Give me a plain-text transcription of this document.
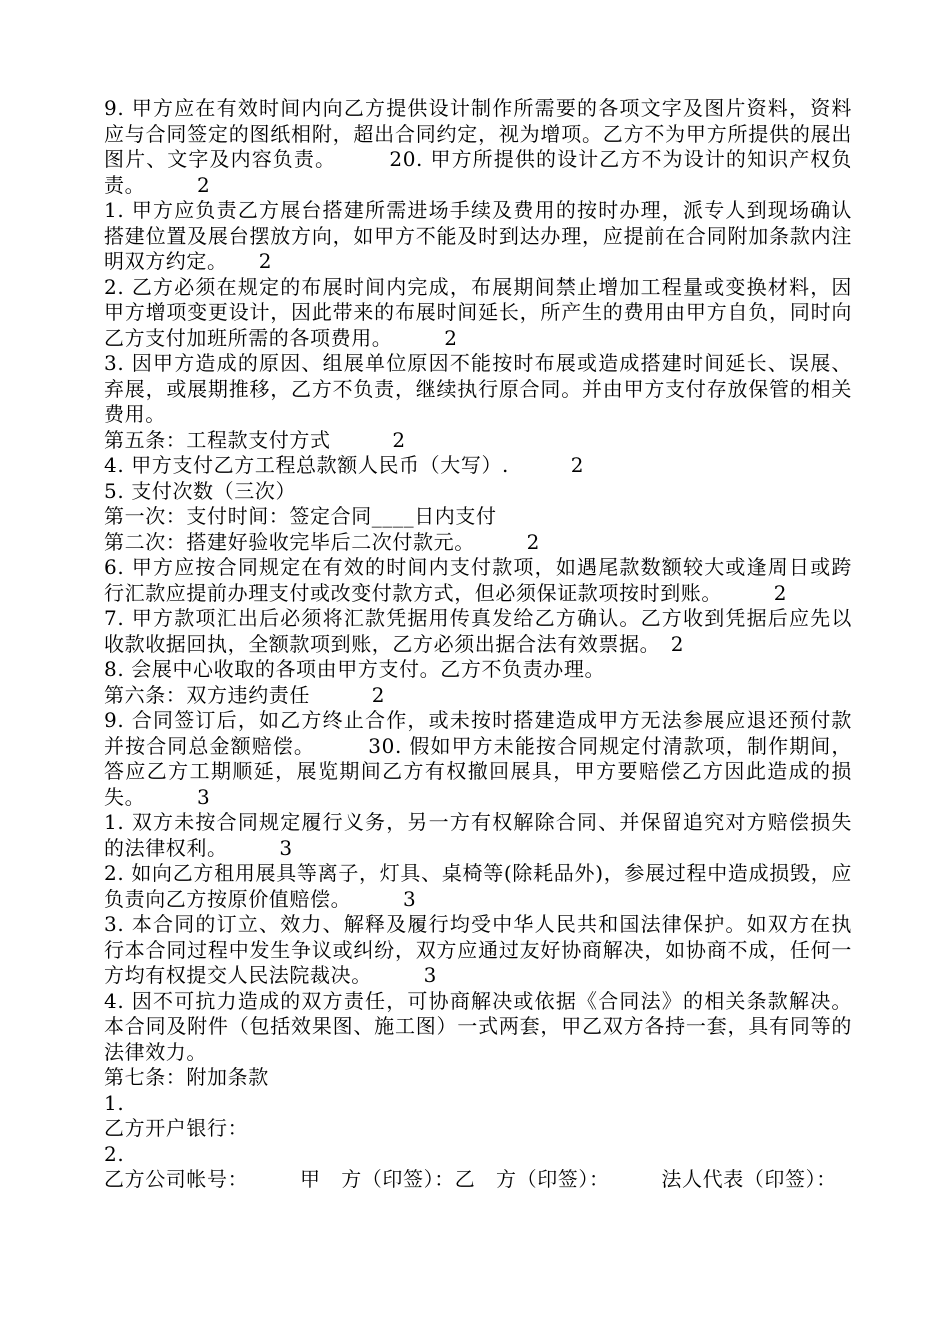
9. 甲方应在有效时间内向乙方提供设计制作所需要的各项文字及图片资料，资料应与合同签定的图纸相附，超出合同约定，视为增项。乙方不为甲方所提供的展出图片、文字及内容负责。　　　20. 甲方所提供的设计乙方不为设计的知识产权负责。　　　2

1. 甲方应负责乙方展台搭建所需进场手续及费用的按时办理，派专人到现场确认搭建位置及展台摆放方向，如甲方不能及时到达办理，应提前在合同附加条款内注明双方约定。　　2

2. 乙方必须在规定的布展时间内完成，布展期间禁止增加工程量或变换材料，因甲方增项变更设计，因此带来的布展时间延长，所产生的费用由甲方自负，同时向乙方支付加班所需的各项费用。　　　2

3. 因甲方造成的原因、组展单位原因不能按时布展或造成搭建时间延长、误展、弃展，或展期推移，乙方不负责，继续执行原合同。并由甲方支付存放保管的相关费用。

第五条：工程款支付方式　　　2

4. 甲方支付乙方工程总款额人民币（大写）.　　　2

5. 支付次数（三次）

第一次：支付时间：签定合同____日内支付

第二次：搭建好验收完毕后二次付款元。　　　2

6. 甲方应按合同规定在有效的时间内支付款项，如遇尾款数额较大或逢周日或跨行汇款应提前办理支付或改变付款方式，但必须保证款项按时到账。　　　2

7. 甲方款项汇出后必须将汇款凭据用传真发给乙方确认。乙方收到凭据后应先以收款收据回执，全额款项到账，乙方必须出据合法有效票据。　2

8. 会展中心收取的各项由甲方支付。乙方不负责办理。

第六条：双方违约责任　　　2

9. 合同签订后，如乙方终止合作，或未按时搭建造成甲方无法参展应退还预付款并按合同总金额赔偿。　　　30. 假如甲方未能按合同规定付清款项，制作期间，答应乙方工期顺延，展览期间乙方有权撤回展具，甲方要赔偿乙方因此造成的损失。　　　3

1. 双方未按合同规定履行义务，另一方有权解除合同、并保留追究对方赔偿损失的法律权利。　　　3

2. 如向乙方租用展具等离子，灯具、桌椅等(除耗品外)，参展过程中造成损毁，应负责向乙方按原价值赔偿。　　　3

3. 本合同的订立、效力、解释及履行均受中华人民共和国法律保护。如双方在执行本合同过程中发生争议或纠纷，双方应通过友好协商解决，如协商不成，任何一方均有权提交人民法院裁决。　　　3

4. 因不可抗力造成的双方责任，可协商解决或依据《合同法》的相关条款解决。本合同及附件（包括效果图、施工图）一式两套，甲乙双方各持一套，具有同等的法律效力。

第七条：附加条款

1.

乙方开户银行：

2.

乙方公司帐号：　　　甲　方（印签）：乙　方（印签）：　　　法人代表（印签）：
